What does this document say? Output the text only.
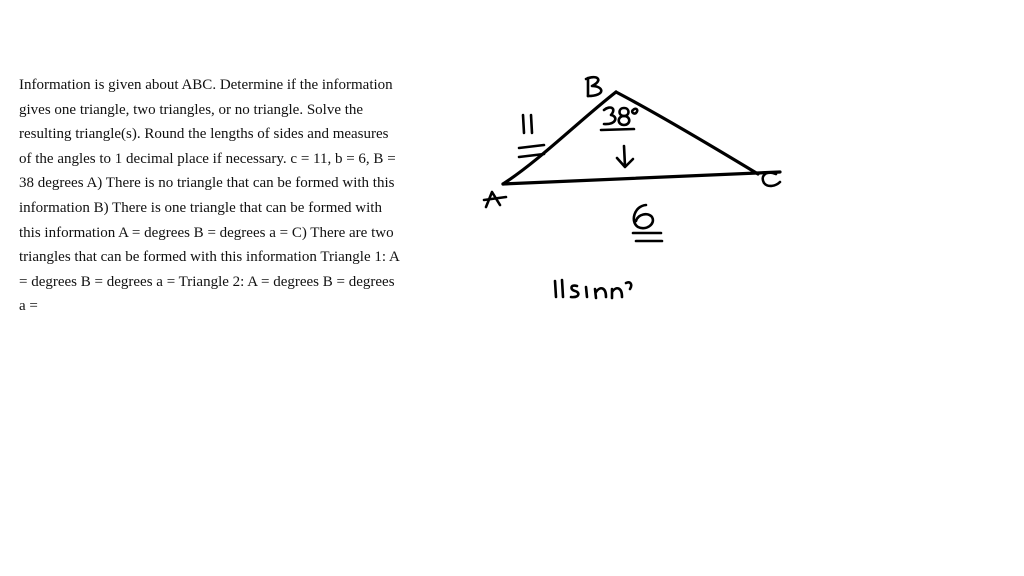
Information is given about ABC. Determine if the information gives one triangle, two triangles, or no triangle. Solve the resulting triangle(s). Round the lengths of sides and measures of the angles to 1 decimal place if necessary. c = 11, b = 6, B = 38 degrees A) There is no triangle that can be formed with this information B) There is one triangle that can be formed with this information A = degrees B = degrees a = C) There are two triangles that can be formed with this information Triangle 1: A = degrees B = degrees a = Triangle 2: A = degrees B = degrees a =

A
B
C
11
6
38°
11sin
